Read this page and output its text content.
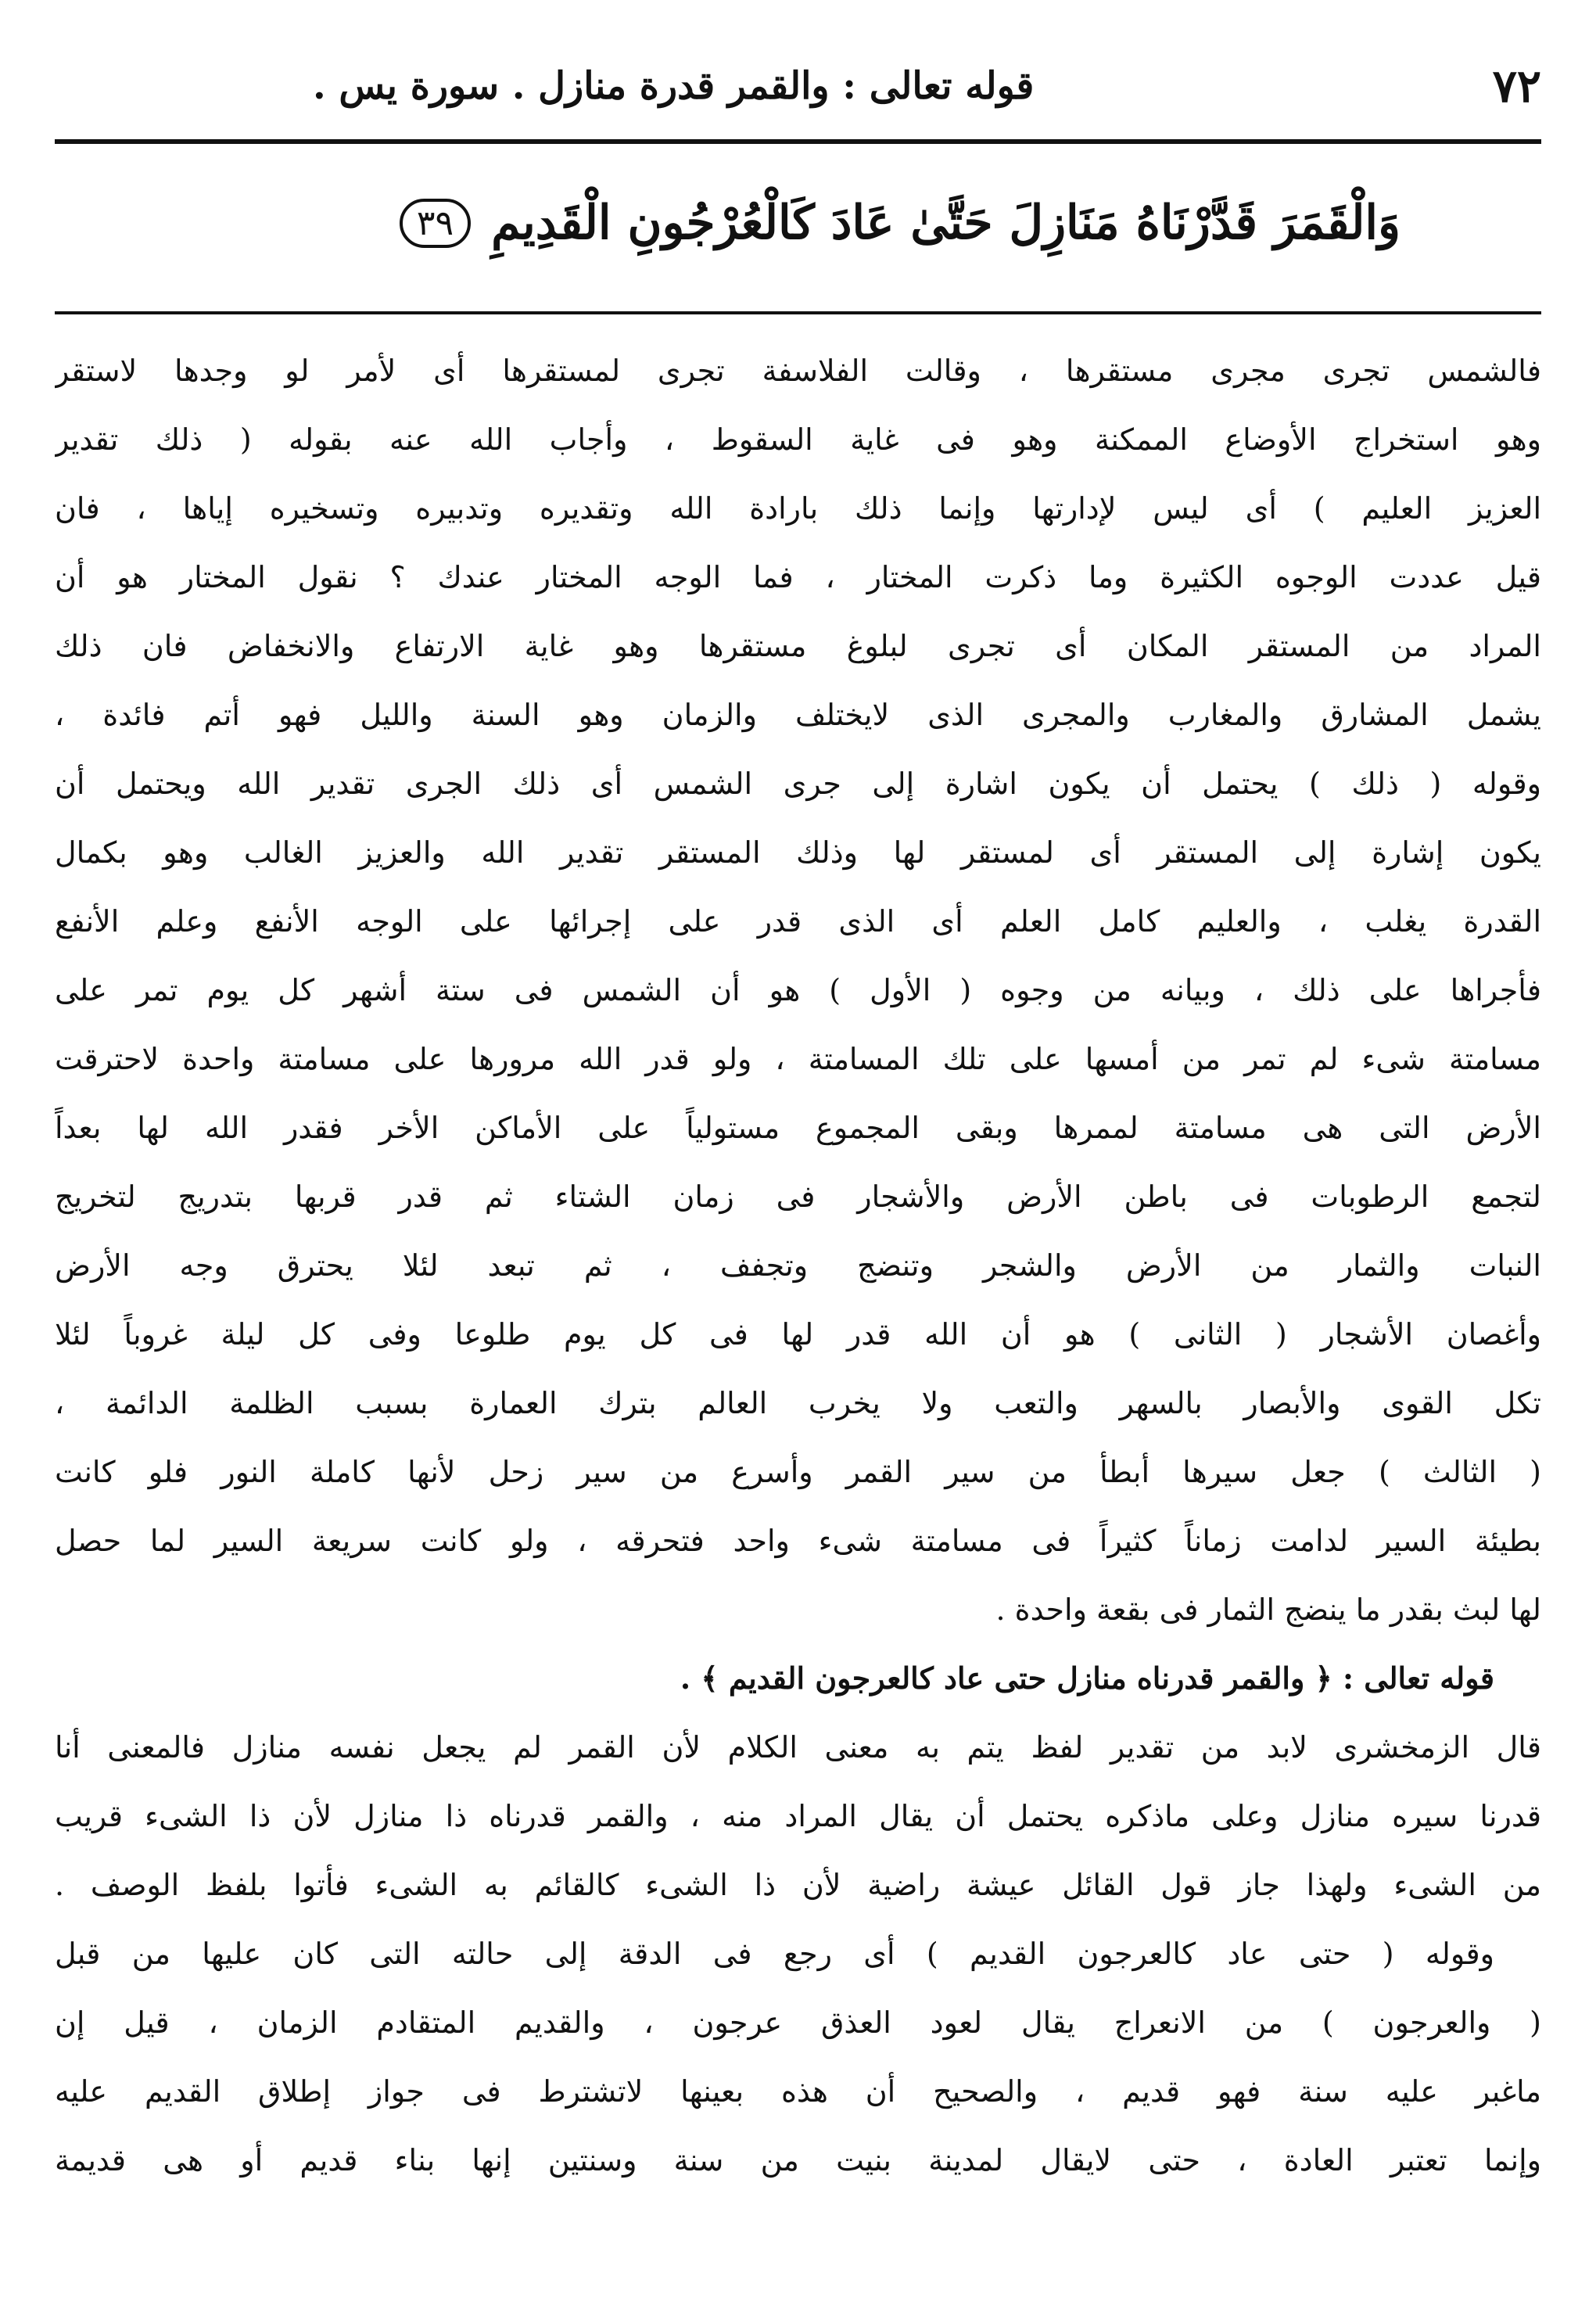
٧٢
قوله تعالى : والقمر قدرة منازل . سورة يس .
وَالْقَمَرَ قَدَّرْنَاهُ مَنَازِلَ حَتَّىٰ عَادَ كَالْعُرْجُونِ الْقَدِيمِ
٣٩
فالشمس تجرى مجرى مستقرها ، وقالت الفلاسفة تجرى لمستقرها أى لأمر لو وجدها لاستقر
وهو استخراج الأوضاع الممكنة وهو فى غاية السقوط ، وأجاب الله عنه بقوله ( ذلك تقدير
العزيز العليم ) أى ليس لإدارتها وإنما ذلك بارادة الله وتقديره وتدبيره وتسخيره إياها ، فان
قيل عددت الوجوه الكثيرة وما ذكرت المختار ، فما الوجه المختار عندك ؟ نقول المختار هو أن
المراد من المستقر المكان أى تجرى لبلوغ مستقرها وهو غاية الارتفاع والانخفاض فان ذلك
يشمل المشارق والمغارب والمجرى الذى لايختلف والزمان وهو السنة والليل فهو أتم فائدة ،
وقوله ( ذلك ) يحتمل أن يكون اشارة إلى جرى الشمس أى ذلك الجرى تقدير الله ويحتمل أن
يكون إشارة إلى المستقر أى لمستقر لها وذلك المستقر تقدير الله والعزيز الغالب وهو بكمال
القدرة يغلب ، والعليم كامل العلم أى الذى قدر على إجرائها على الوجه الأنفع وعلم الأنفع
فأجراها على ذلك ، وبيانه من وجوه ( الأول ) هو أن الشمس فى ستة أشهر كل يوم تمر على
مسامتة شىء لم تمر من أمسها على تلك المسامتة ، ولو قدر الله مرورها على مسامتة واحدة لاحترقت
الأرض التى هى مسامتة لممرها وبقى المجموع مستولياً على الأماكن الأخر فقدر الله لها بعداً
لتجمع الرطوبات فى باطن الأرض والأشجار فى زمان الشتاء ثم قدر قربها بتدريج لتخريج
النبات والثمار من الأرض والشجر وتنضج وتجفف ، ثم تبعد لئلا يحترق وجه الأرض
وأغصان الأشجار ( الثانى ) هو أن الله قدر لها فى كل يوم طلوعا وفى كل ليلة غروباً لئلا
تكل القوى والأبصار بالسهر والتعب ولا يخرب العالم بترك العمارة بسبب الظلمة الدائمة ،
( الثالث ) جعل سيرها أبطأ من سير القمر وأسرع من سير زحل لأنها كاملة النور فلو كانت
بطيئة السير لدامت زماناً كثيراً فى مسامتة شىء واحد فتحرقه ، ولو كانت سريعة السير لما حصل
لها لبث بقدر ما ينضج الثمار فى بقعة واحدة .
قوله تعالى : ﴿ والقمر قدرناه منازل حتى عاد كالعرجون القديم ﴾ .
قال الزمخشرى لابد من تقدير لفظ يتم به معنى الكلام لأن القمر لم يجعل نفسه منازل فالمعنى أنا
قدرنا سيره منازل وعلى ماذكره يحتمل أن يقال المراد منه ، والقمر قدرناه ذا منازل لأن ذا الشىء قريب
من الشىء ولهذا جاز قول القائل عيشة راضية لأن ذا الشىء كالقائم به الشىء فأتوا بلفظ الوصف .
وقوله ( حتى عاد كالعرجون القديم ) أى رجع فى الدقة إلى حالته التى كان عليها من قبل
( والعرجون ) من الانعراج يقال لعود العذق عرجون ، والقديم المتقادم الزمان ، قيل إن
ماغبر عليه سنة فهو قديم ، والصحيح أن هذه بعينها لاتشترط فى جواز إطلاق القديم عليه
وإنما تعتبر العادة ، حتى لايقال لمدينة بنيت من سنة وسنتين إنها بناء قديم أو هى قديمة
